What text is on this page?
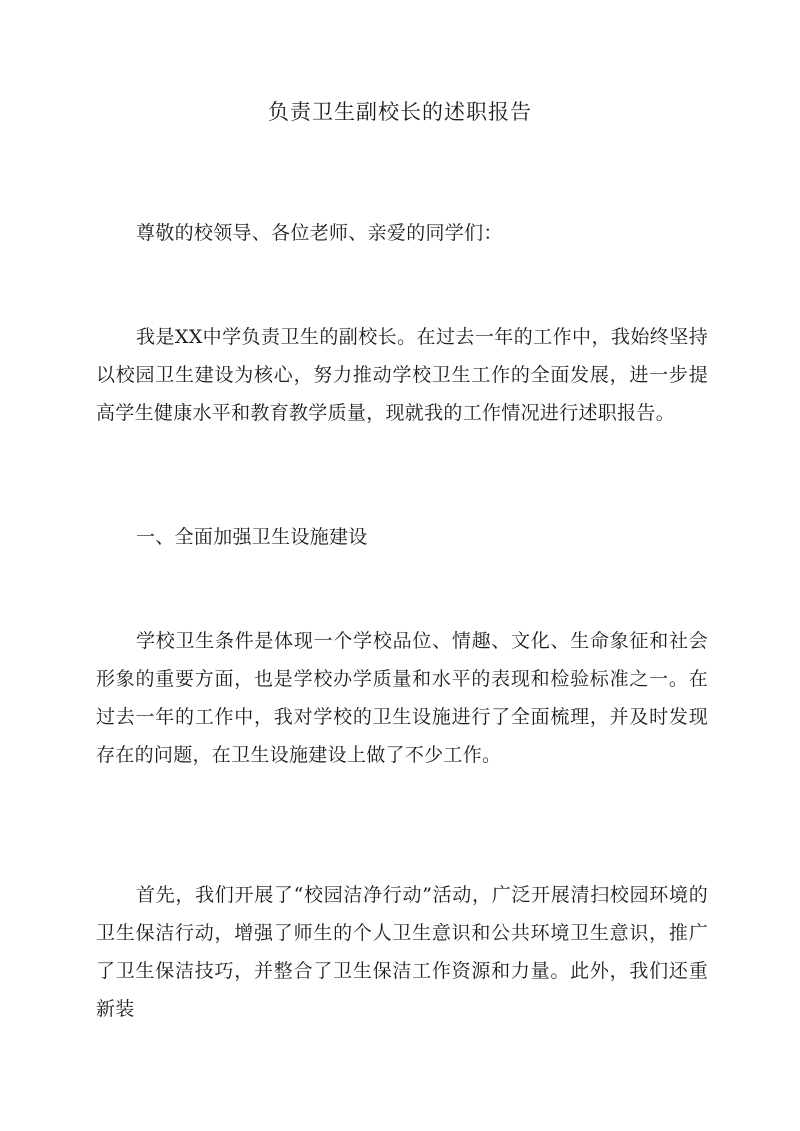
负责卫生副校长的述职报告
尊敬的校领导、各位老师、亲爱的同学们：
我是XX中学负责卫生的副校长。在过去一年的工作中，我始终坚持以校园卫生建设为核心，努力推动学校卫生工作的全面发展，进一步提高学生健康水平和教育教学质量，现就我的工作情况进行述职报告。
一、全面加强卫生设施建设
学校卫生条件是体现一个学校品位、情趣、文化、生命象征和社会形象的重要方面，也是学校办学质量和水平的表现和检验标准之一。在过去一年的工作中，我对学校的卫生设施进行了全面梳理，并及时发现存在的问题，在卫生设施建设上做了不少工作。
首先，我们开展了“校园洁净行动”活动，广泛开展清扫校园环境的卫生保洁行动，增强了师生的个人卫生意识和公共环境卫生意识，推广了卫生保洁技巧，并整合了卫生保洁工作资源和力量。此外，我们还重新装
